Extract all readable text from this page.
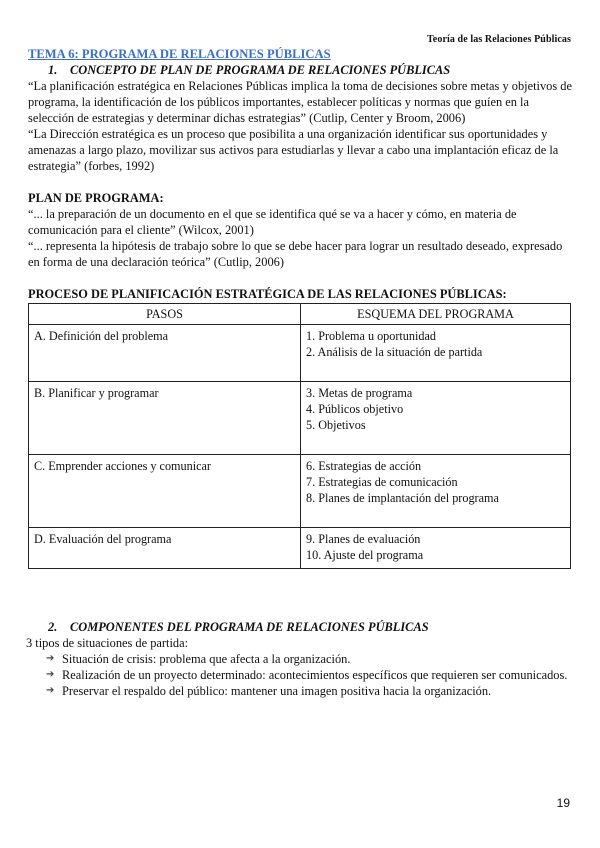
Teoría de las Relaciones Públicas
TEMA 6: PROGRAMA DE RELACIONES PÚBLICAS
1. CONCEPTO DE PLAN DE PROGRAMA DE RELACIONES PÚBLICAS

“La planificación estratégica en Relaciones Públicas implica la toma de decisiones sobre metas y objetivos de programa, la identificación de los públicos importantes, establecer políticas y normas que guíen en la selección de estrategias y determinar dichas estrategias” (Cutlip, Center y Broom, 2006)

“La Dirección estratégica es un proceso que posibilita a una organización identificar sus oportunidades y amenazas a largo plazo, movilizar sus activos para estudiarlas y llevar a cabo una implantación eficaz de la estrategia” (forbes, 1992)

PLAN DE PROGRAMA:

“... la preparación de un documento en el que se identifica qué se va a hacer y cómo, en materia de comunicación para el cliente” (Wilcox, 2001)

“... representa la hipótesis de trabajo sobre lo que se debe hacer para lograr un resultado deseado, expresado en forma de una declaración teórica” (Cutlip, 2006)

PROCESO DE PLANIFICACIÓN ESTRATÉGICA DE LAS RELACIONES PÚBLICAS:
PASOS	ESQUEMA DEL PROGRAMA
A. Definición del problema	1. Problema u oportunidad
2. Análisis de la situación de partida

B. Planificar y programar	3. Metas de programa
4. Públicos objetivo
5. Objetivos

C. Emprender acciones y comunicar	6. Estrategias de acción
7. Estrategias de comunicación
8. Planes de implantación del programa

D. Evaluación del programa	9. Planes de evaluación
10. Ajuste del programa
2. COMPONENTES DEL PROGRAMA DE RELACIONES PÚBLICAS
3 tipos de situaciones de partida:
➔ Situación de crisis: problema que afecta a la organización.
➔ Realización de un proyecto determinado: acontecimientos específicos que requieren ser comunicados.
➔ Preservar el respaldo del público: mantener una imagen positiva hacia la organización.
19
